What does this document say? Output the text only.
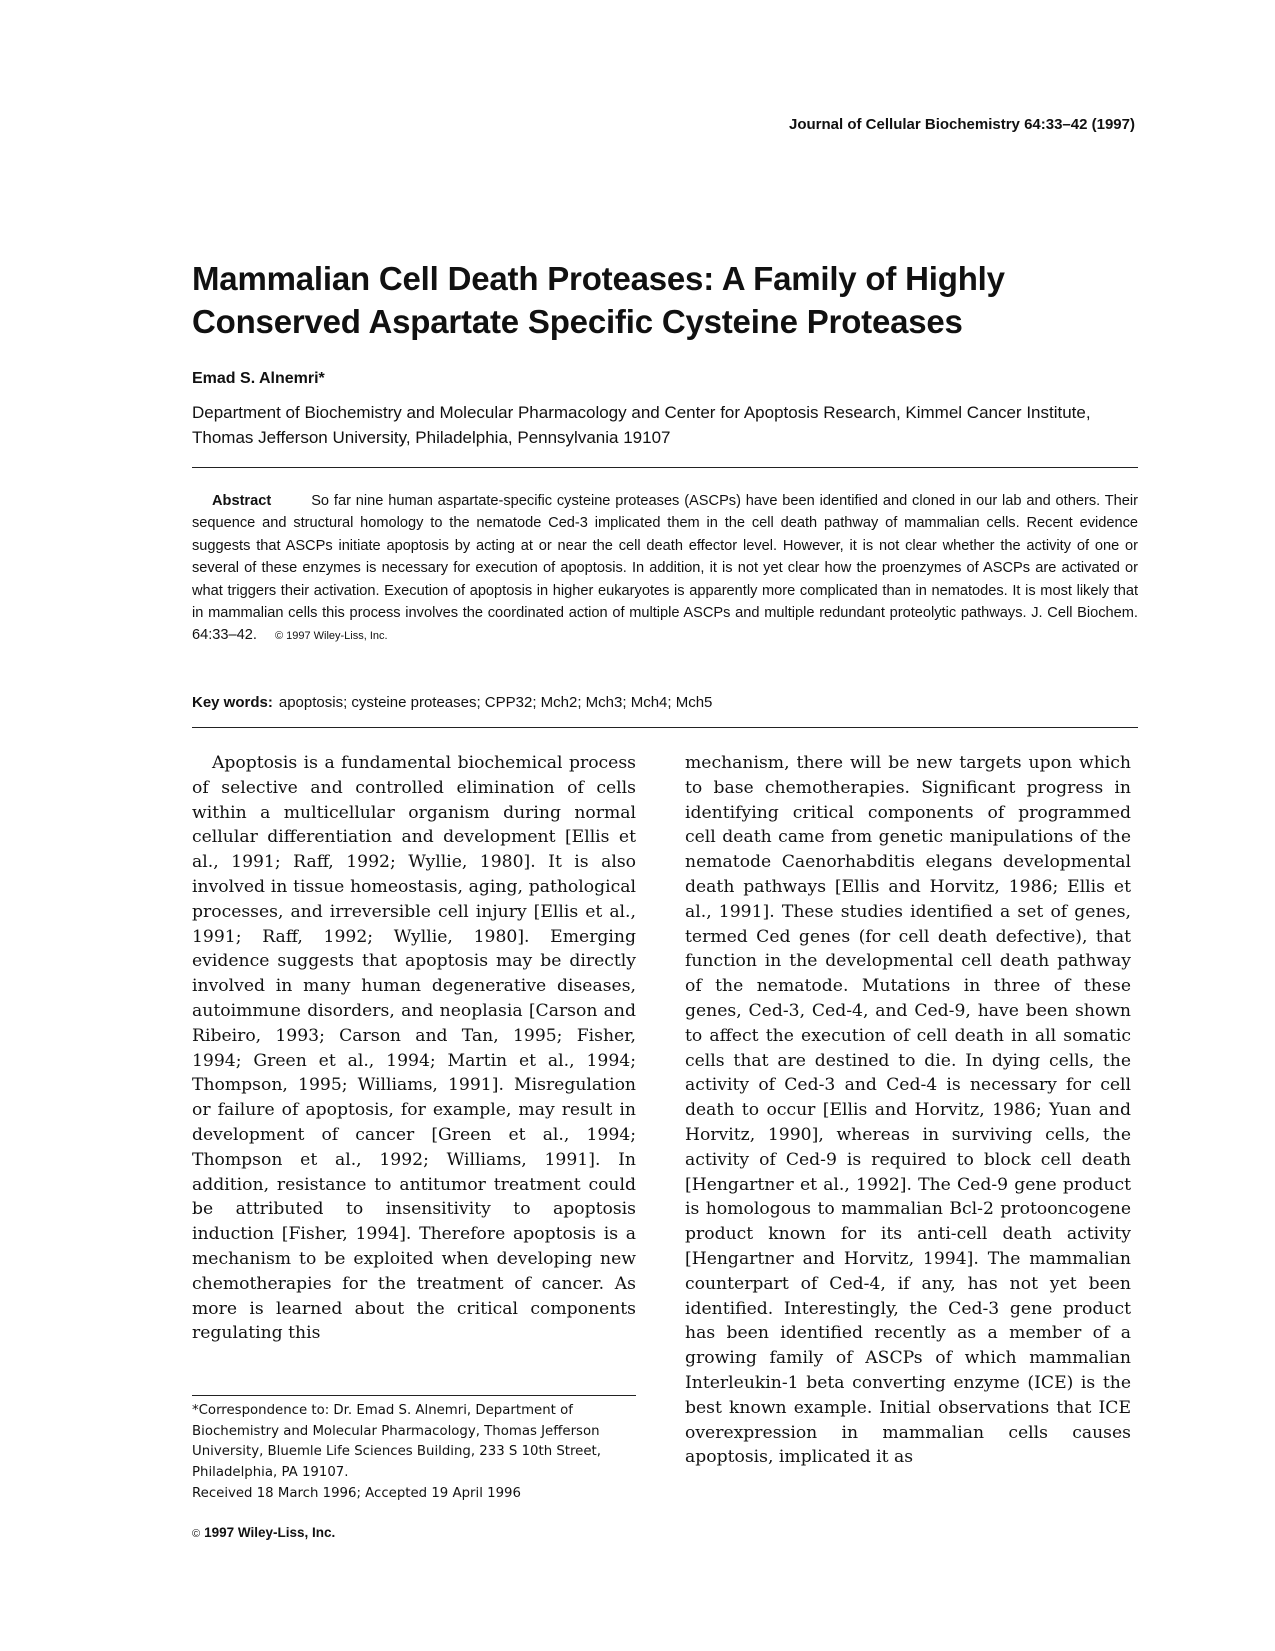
Journal of Cellular Biochemistry 64:33–42 (1997)
Mammalian Cell Death Proteases: A Family of Highly Conserved Aspartate Specific Cysteine Proteases
Emad S. Alnemri*
Department of Biochemistry and Molecular Pharmacology and Center for Apoptosis Research, Kimmel Cancer Institute, Thomas Jefferson University, Philadelphia, Pennsylvania 19107
Abstract	So far nine human aspartate-specific cysteine proteases (ASCPs) have been identified and cloned in our lab and others. Their sequence and structural homology to the nematode Ced-3 implicated them in the cell death pathway of mammalian cells. Recent evidence suggests that ASCPs initiate apoptosis by acting at or near the cell death effector level. However, it is not clear whether the activity of one or several of these enzymes is necessary for execution of apoptosis. In addition, it is not yet clear how the proenzymes of ASCPs are activated or what triggers their activation. Execution of apoptosis in higher eukaryotes is apparently more complicated than in nematodes. It is most likely that in mammalian cells this process involves the coordinated action of multiple ASCPs and multiple redundant proteolytic pathways. J. Cell Biochem. 64:33–42. © 1997 Wiley-Liss, Inc.
Key words: apoptosis; cysteine proteases; CPP32; Mch2; Mch3; Mch4; Mch5

Apoptosis is a fundamental biochemical process of selective and controlled elimination of cells within a multicellular organism during normal cellular differentiation and development [Ellis et al., 1991; Raff, 1992; Wyllie, 1980]. It is also involved in tissue homeostasis, aging, pathological processes, and irreversible cell injury [Ellis et al., 1991; Raff, 1992; Wyllie, 1980]. Emerging evidence suggests that apoptosis may be directly involved in many human degenerative diseases, autoimmune disorders, and neoplasia [Carson and Ribeiro, 1993; Carson and Tan, 1995; Fisher, 1994; Green et al., 1994; Martin et al., 1994; Thompson, 1995; Williams, 1991]. Misregulation or failure of apoptosis, for example, may result in development of cancer [Green et al., 1994; Thompson et al., 1992; Williams, 1991]. In addition, resistance to antitumor treatment could be attributed to insensitivity to apoptosis induction [Fisher, 1994]. Therefore apoptosis is a mechanism to be exploited when developing new chemotherapies for the treatment of cancer. As more is learned about the critical components regulating this

mechanism, there will be new targets upon which to base chemotherapies. Significant progress in identifying critical components of programmed cell death came from genetic manipulations of the nematode Caenorhabditis elegans developmental death pathways [Ellis and Horvitz, 1986; Ellis et al., 1991]. These studies identified a set of genes, termed Ced genes (for cell death defective), that function in the developmental cell death pathway of the nematode. Mutations in three of these genes, Ced-3, Ced-4, and Ced-9, have been shown to affect the execution of cell death in all somatic cells that are destined to die. In dying cells, the activity of Ced-3 and Ced-4 is necessary for cell death to occur [Ellis and Horvitz, 1986; Yuan and Horvitz, 1990], whereas in surviving cells, the activity of Ced-9 is required to block cell death [Hengartner et al., 1992]. The Ced-9 gene product is homologous to mammalian Bcl-2 protooncogene product known for its anti-cell death activity [Hengartner and Horvitz, 1994]. The mammalian counterpart of Ced-4, if any, has not yet been identified. Interestingly, the Ced-3 gene product has been identified recently as a member of a growing family of ASCPs of which mammalian Interleukin-1 beta converting enzyme (ICE) is the best known example. Initial observations that ICE overexpression in mammalian cells causes apoptosis, implicated it as

*Correspondence to: Dr. Emad S. Alnemri, Department of Biochemistry and Molecular Pharmacology, Thomas Jefferson University, Bluemle Life Sciences Building, 233 S 10th Street, Philadelphia, PA 19107.
Received 18 March 1996; Accepted 19 April 1996
© 1997 Wiley-Liss, Inc.
